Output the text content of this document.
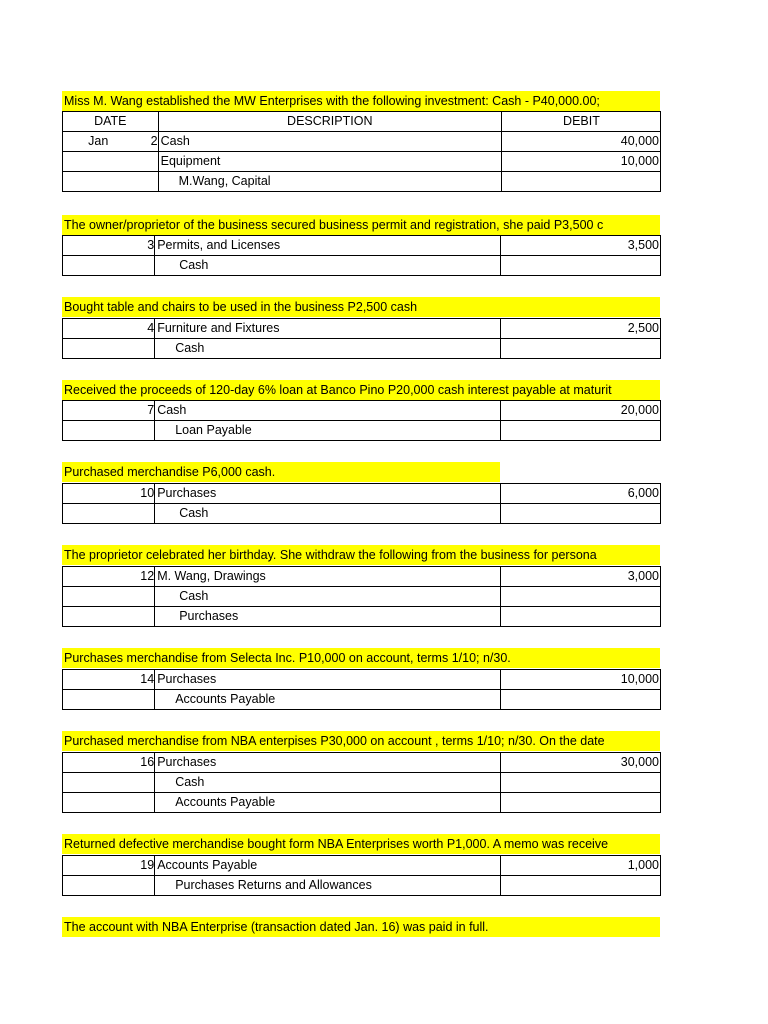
Miss M. Wang established the MW Enterprises with the following investment: Cash - P40,000.00;
DATE		DESCRIPTION	DEBIT
Jan	2	Cash	40,000
		Equipment	10,000
		M.Wang, Capital	
The owner/proprietor of the business secured business permit and registration, she paid P3,500 c
	3	Permits, and Licenses	3,500
		Cash	
Bought table and chairs to be used in the business P2,500 cash
	4	Furniture and Fixtures	2,500
		Cash	
Received the proceeds of 120-day 6% loan at Banco Pino P20,000 cash interest payable at maturit
	7	Cash	20,000
		Loan Payable	
Purchased merchandise P6,000 cash.
	10	Purchases	6,000
		Cash	
The proprietor celebrated her birthday. She withdraw the following from the business for persona
	12	M. Wang, Drawings	3,000
		Cash	
		Purchases	
Purchases merchandise from Selecta Inc. P10,000 on account, terms 1/10; n/30.
	14	Purchases	10,000
		Accounts Payable	
Purchased merchandise from NBA enterpises P30,000 on account , terms 1/10; n/30. On the date
	16	Purchases	30,000
		Cash	
		Accounts Payable	
Returned defective merchandise bought form NBA Enterprises worth P1,000. A memo was receive
	19	Accounts Payable	1,000
		Purchases Returns and Allowances	
The account with NBA Enterprise (transaction dated Jan. 16) was paid in full.
